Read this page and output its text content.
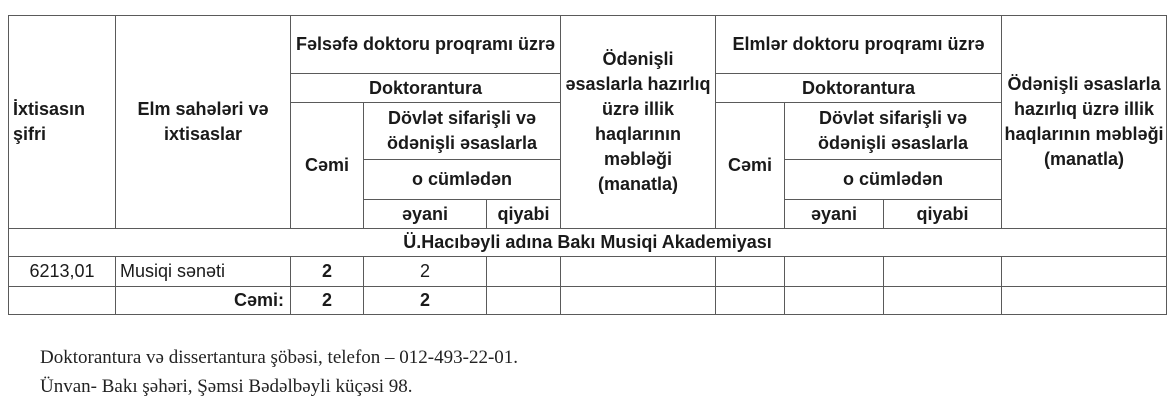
İxtisasın şifri	Elm sahələri və ixtisaslar	Fəlsəfə doktoru proqramı üzrə			Ödənişli əsaslarla hazırlıq üzrə illik haqlarının məbləği (manatla)	Elmlər doktoru proqramı üzrə			Ödənişli əsaslarla hazırlıq üzrə illik haqlarının məbləği (manatla)
		Doktorantura				Doktorantura			
		Cəmi	Dövlət sifarişli və ödənişli əsaslarla			Cəmi	Dövlət sifarişli və ödənişli əsaslarla		

			o cümlədən				o cümlədən		
			əyani	qiyabi			əyani	qiyabi	
Ü.Hacıbəyli adına Bakı Musiqi Akademiyası									
6213,01	Musiqi sənəti	2	2						
	Cəmi:	2	2						
Doktorantura və dissertantura şöbəsi, telefon – 012-493-22-01.
Ünvan- Bakı şəhəri, Şəmsi Bədəlbəyli küçəsi 98.
